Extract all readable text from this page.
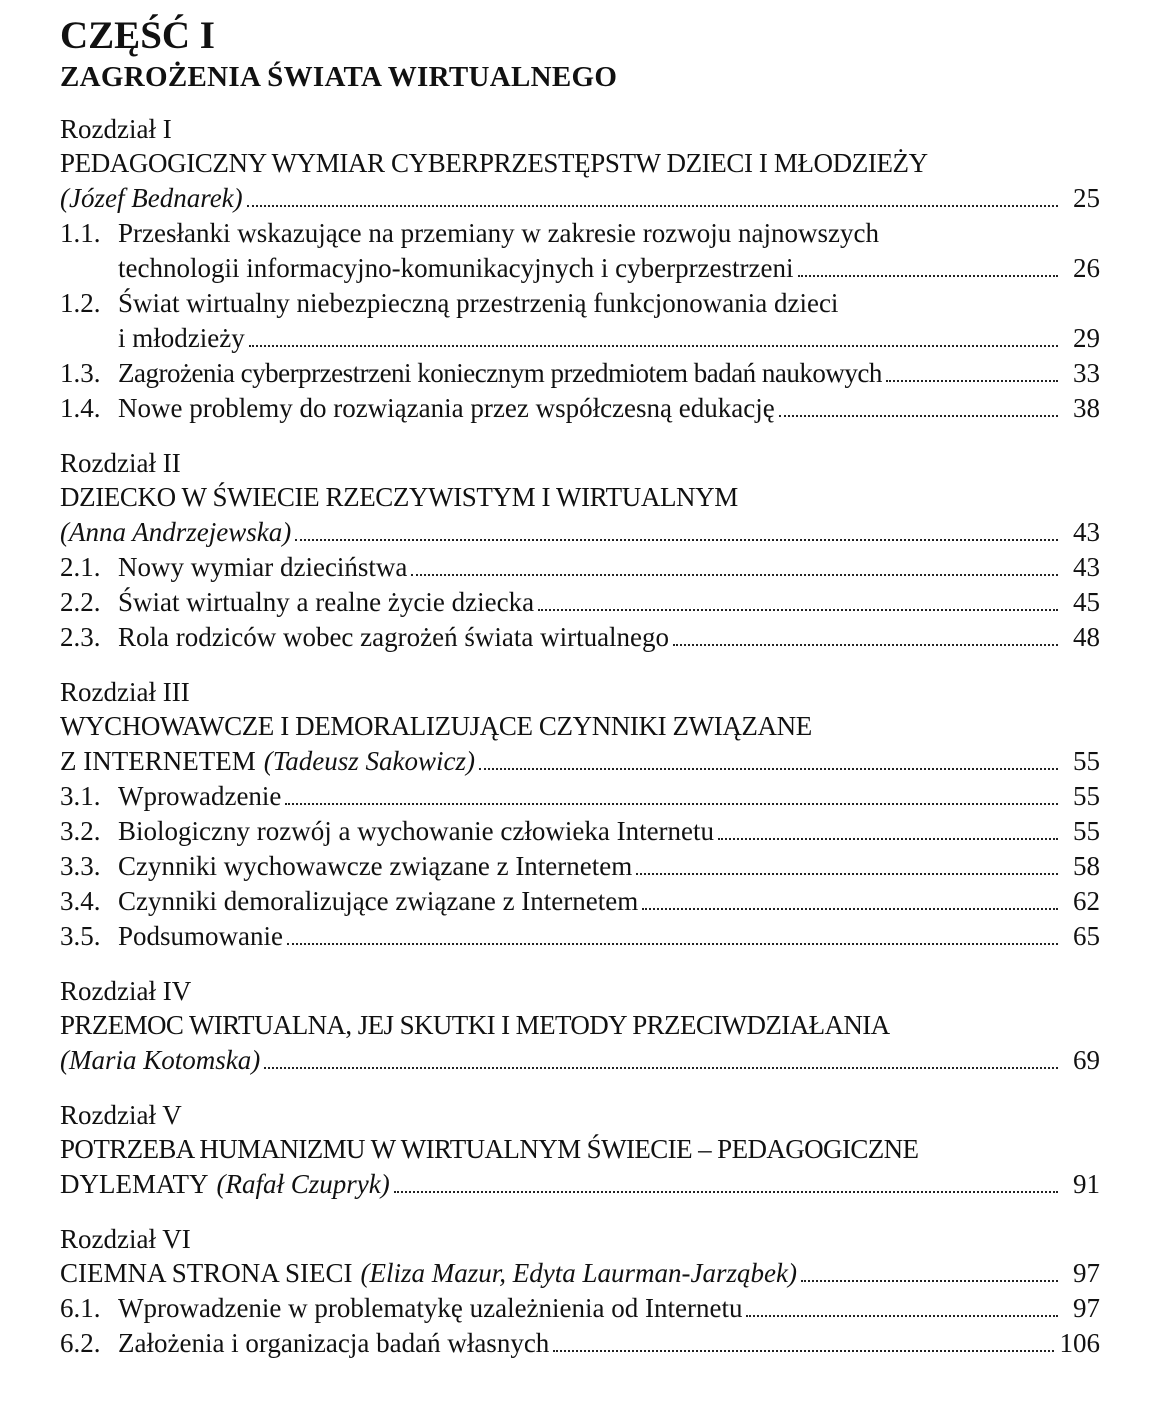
CZĘŚĆ I
ZAGROŻENIA ŚWIATA WIRTUALNEGO
Rozdział I
PEDAGOGICZNY WYMIAR CYBERPRZESTĘPSTW DZIECI I MŁODZIEŻY
(Józef Bednarek)	25
1.1. Przesłanki wskazujące na przemiany w zakresie rozwoju najnowszych
technologii informacyjno-komunikacyjnych i cyberprzestrzeni	26
1.2. Świat wirtualny niebezpieczną przestrzenią funkcjonowania dzieci
i młodzieży	29
1.3. Zagrożenia cyberprzestrzeni koniecznym przedmiotem badań naukowych	33
1.4. Nowe problemy do rozwiązania przez współczesną edukację	38
Rozdział II
DZIECKO W ŚWIECIE RZECZYWISTYM I WIRTUALNYM
(Anna Andrzejewska)	43
2.1. Nowy wymiar dzieciństwa	43
2.2. Świat wirtualny a realne życie dziecka	45
2.3. Rola rodziców wobec zagrożeń świata wirtualnego	48
Rozdział III
WYCHOWAWCZE I DEMORALIZUJĄCE CZYNNIKI ZWIĄZANE
Z INTERNETEM (Tadeusz Sakowicz)	55
3.1. Wprowadzenie	55
3.2. Biologiczny rozwój a wychowanie człowieka Internetu	55
3.3. Czynniki wychowawcze związane z Internetem	58
3.4. Czynniki demoralizujące związane z Internetem	62
3.5. Podsumowanie	65
Rozdział IV
PRZEMOC WIRTUALNA, JEJ SKUTKI I METODY PRZECIWDZIAŁANIA
(Maria Kotomska)	69
Rozdział V
POTRZEBA HUMANIZMU W WIRTUALNYM ŚWIECIE – PEDAGOGICZNE
DYLEMATY (Rafał Czupryk)	91
Rozdział VI
CIEMNA STRONA SIECI (Eliza Mazur, Edyta Laurman-Jarząbek)	97
6.1. Wprowadzenie w problematykę uzależnienia od Internetu	97
6.2. Założenia i organizacja badań własnych	106
